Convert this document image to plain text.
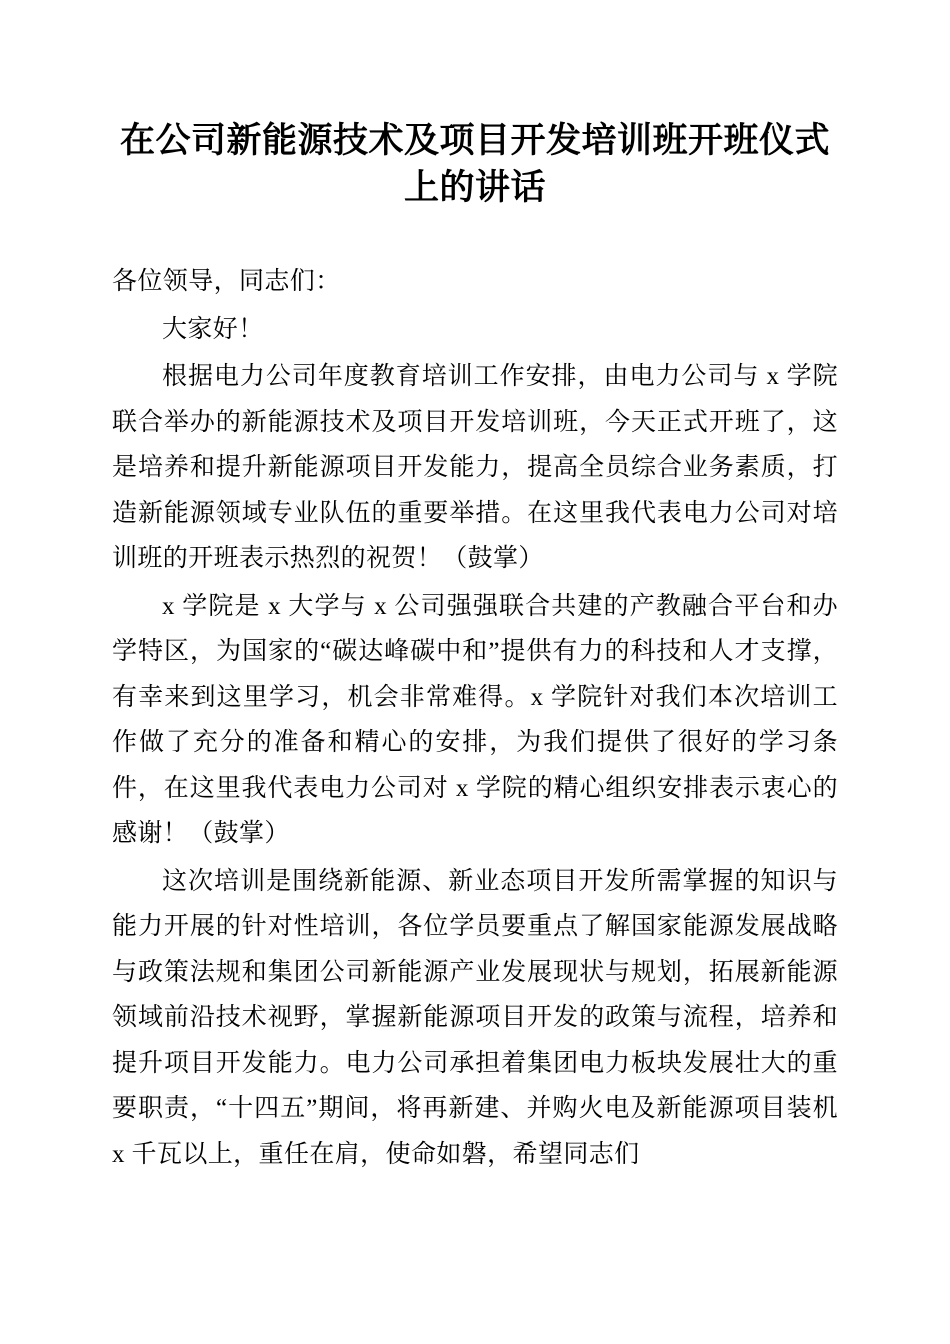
在公司新能源技术及项目开发培训班开班仪式上的讲话

各位领导，同志们：

大家好！

根据电力公司年度教育培训工作安排，由电力公司与 x 学院联合举办的新能源技术及项目开发培训班，今天正式开班了，这是培养和提升新能源项目开发能力，提高全员综合业务素质，打造新能源领域专业队伍的重要举措。在这里我代表电力公司对培训班的开班表示热烈的祝贺！（鼓掌）

x 学院是 x 大学与 x 公司强强联合共建的产教融合平台和办学特区，为国家的“碳达峰碳中和”提供有力的科技和人才支撑，有幸来到这里学习，机会非常难得。x 学院针对我们本次培训工作做了充分的准备和精心的安排，为我们提供了很好的学习条件，在这里我代表电力公司对 x 学院的精心组织安排表示衷心的感谢！（鼓掌）

这次培训是围绕新能源、新业态项目开发所需掌握的知识与能力开展的针对性培训，各位学员要重点了解国家能源发展战略与政策法规和集团公司新能源产业发展现状与规划，拓展新能源领域前沿技术视野，掌握新能源项目开发的政策与流程，培养和提升项目开发能力。电力公司承担着集团电力板块发展壮大的重要职责，“十四五”期间，将再新建、并购火电及新能源项目装机 x 千瓦以上，重任在肩，使命如磐，希望同志们
